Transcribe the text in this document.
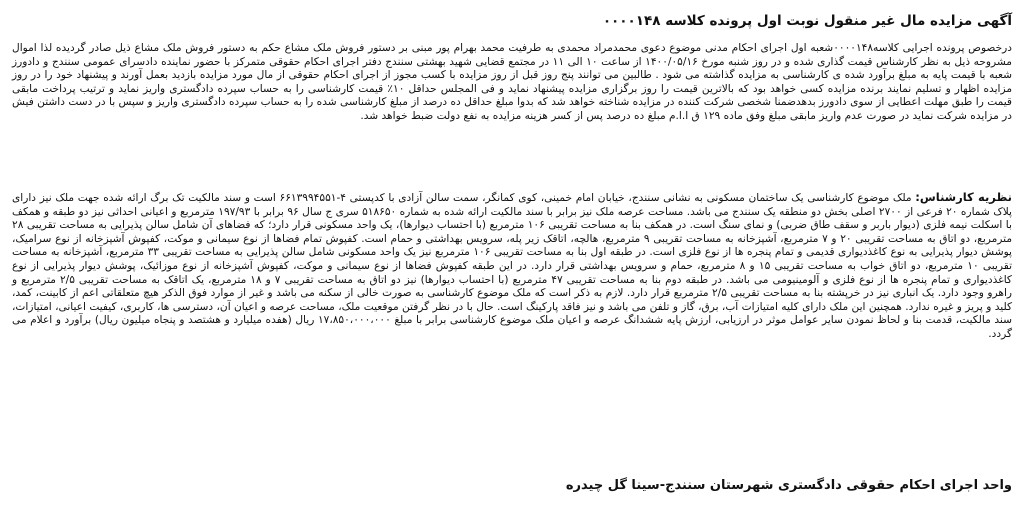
آگهی مزایده مال غیر منقول نوبت اول پرونده کلاسه ۰۰۰۰۱۴۸

درخصوص پرونده اجرایی کلاسه۰۰۰۰۱۴۸شعبه اول اجرای احکام مدنی موضوع دعوی محمدمراد محمدی به طرفیت محمد بهرام پور مبنی بر دستور فروش ملک مشاع حکم به دستور فروش ملک مشاع ذیل صادر گردیده لذا اموال مشروحه ذیل به نظر کارشناس قیمت گذاری شده و در روز شنبه مورخ ۱۴۰۰/۰۵/۱۶ از ساعت ۱۰ الی ۱۱ در مجتمع قضایی شهید بهشتی سنندج دفتر اجرای احکام حقوقی متمرکز با حضور نماینده دادسرای عمومی سنندج و دادورز شعبه با قیمت پایه به مبلغ برآورد شده ی کارشناسی به مزایده گذاشته می شود . طالبین می توانند پنج روز قبل از روز مزایده با کسب مجوز از اجرای احکام حقوقی از مال مورد مزایده بازدید بعمل آورند و پیشنهاد خود را در روز مزایده اظهار و تسلیم نمایند برنده مزایده کسی خواهد بود که بالاترین قیمت را روز برگزاری مزایده پیشنهاد نماید و فی المجلس حداقل ۱۰٪ قیمت کارشناسی را به حساب سپرده دادگستری واریز نماید و ترتیب پرداخت مابقی قیمت را طبق مهلت اعطایی از سوی دادورز بدهدضمنا شخصی شرکت کننده در مزایده شناخته خواهد شد که بدوا مبلغ حداقل ده درصد از مبلغ کارشناسی شده را به حساب سپرده دادگستری واریز و سپس با در دست داشتن فیش در مزایده شرکت نماید در صورت عدم واریز مابقی مبلغ وفق ماده ۱۲۹ ق ا.ا.م مبلغ ده درصد پس از کسر هزینه مزایده به نفع دولت ضبط خواهد شد.

نظریه کارشناس: ملک موضوع کارشناسی یک ساختمان مسکونی به نشانی سنندج، خیابان امام خمینی، کوی کمانگر، سمت سالن آزادی با کدپستی ۴-۶۶۱۳۹۹۴۵۵۱ است و سند مالکیت تک برگ ارائه شده جهت ملک نیز دارای پلاک شماره ۲۰ فرعی از ۲۷۰۰ اصلی بخش دو منطقه یک سنندج می باشد. مساحت عرصه ملک نیز برابر با سند مالکیت ارائه شده به شماره ۵۱۸۶۵۰ سری ج سال ۹۶ برابر با ۱۹۷/۹۳ مترمربع و اعیانی احداثی نیز دو طبقه و همکف با اسکلت نیمه فلزی (دیوار باربر و سقف طاق ضربی) و نمای سنگ است. در همکف بنا به مساحت تقریبی ۱۰۶ مترمربع (با احتساب دیوارها)، یک واحد مسکونی قرار دارد؛ که فضاهای آن شامل سالن پذیرایی به مساحت تقریبی ۲۸ مترمربع، دو اتاق به مساحت تقریبی ۲۰ و ۷ مترمربع، آشپزخانه به مساحت تقریبی ۹ مترمربع، هالچه، اتاقک زیر پله، سرویس بهداشتی و حمام است. کفپوش تمام فضاها از نوع سیمانی و موکت، کفپوش آشپزخانه از نوع سرامیک، پوشش دیوار پذیرایی به نوع کاغذدیواری قدیمی و تمام پنجره ها از نوع فلزی است. در طبقه اول بنا به مساحت تقریبی ۱۰۶ مترمربع نیز یک واحد مسکونی شامل سالن پذیرایی به مساحت تقریبی ۳۳ مترمربع، آشپزخانه به مساحت تقریبی ۱۰ مترمربع، دو اتاق خواب به مساحت تقریبی ۱۵ و ۸ مترمربع، حمام و سرویس بهداشتی قرار دارد. در این طبقه کفپوش فضاها از نوع سیمانی و موکت، کفپوش آشپزخانه از نوع موزائیک، پوشش دیوار پذیرایی از نوع کاغذدیواری و تمام پنجره ها از نوع فلزی و آلومینیومی می باشد. در طبقه دوم بنا به مساحت تقریبی ۴۷ مترمربع (با احتساب دیوارها) نیز دو اتاق به مساحت تقریبی ۷ و ۱۸ مترمربع، یک اتاقک به مساحت تقریبی ۲/۵ مترمربع و راهرو وجود دارد. یک انباری نیز در خرپشته بنا به مساحت تقریبی ۲/۵ مترمربع قرار دارد. لازم به ذکر است که ملک موضوع کارشناسی به صورت خالی از سکنه می باشد و غیر از موارد فوق الذکر هیچ متعلقاتی اعم از کابینت، کمد، کلید و پریز و غیره ندارد. همچنین این ملک دارای کلیه امتیازات آب، برق، گاز و تلفن می باشد و نیز فاقد پارکینگ است. حال با در نظر گرفتن موقعیت ملک، مساحت عرصه و اعیان آن، دسترسی ها، کاربری، کیفیت اعیانی، امتیازات، سند مالکیت، قدمت بنا و لحاظ نمودن سایر عوامل موثر در ارزیابی، ارزش پایه ششدانگ عرصه و اعیان ملک موضوع کارشناسی برابر با مبلغ ۱۷،۸۵۰،۰۰۰،۰۰۰ ریال (هفده میلیارد و هشتصد و پنجاه میلیون ریال) برآورد و اعلام می گردد.

واحد اجرای احکام حقوقی دادگستری شهرستان سنندج-سینا گل چیدره
